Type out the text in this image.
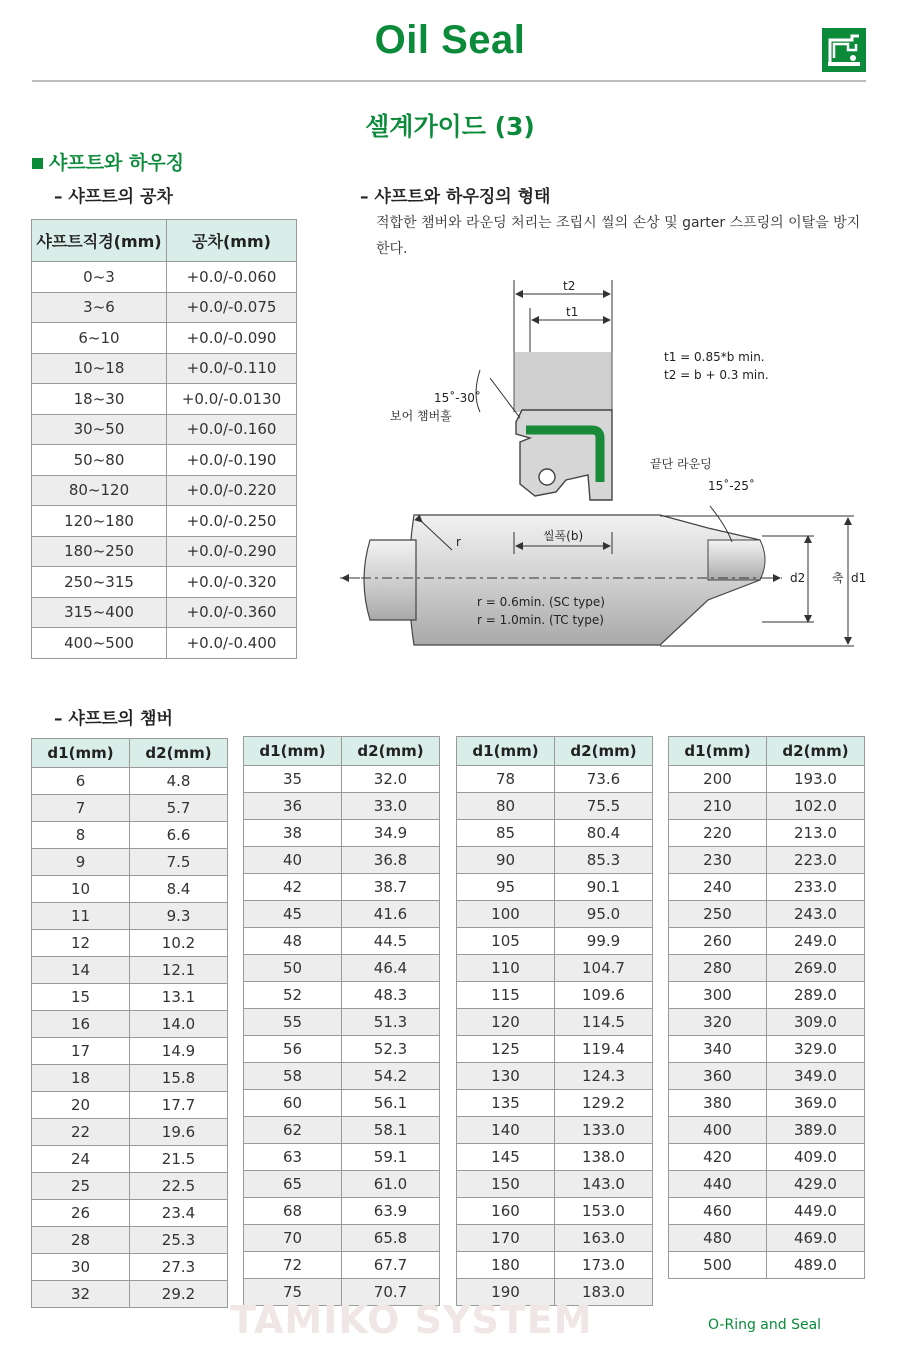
Oil Seal
셀계가이드 (3)
샤프트와 하우징
– 샤프트의 공차	– 샤프트와 하우징의 형태
적합한 챔버와 라운딩 처리는 조립시 씰의 손상 및 garter 스프링의 이탈을 방지한다.
샤프트직경(mm)	공차(mm)
0~3	+0.0/-0.060
3~6	+0.0/-0.075
6~10	+0.0/-0.090
10~18	+0.0/-0.110
18~30	+0.0/-0.0130
30~50	+0.0/-0.160
50~80	+0.0/-0.190
80~120	+0.0/-0.220
120~180	+0.0/-0.250
180~250	+0.0/-0.290
250~315	+0.0/-0.320
315~400	+0.0/-0.360
400~500	+0.0/-0.400
t2
t1
t1 = 0.85*b min.
t2 = b + 0.3 min.
15˚-30˚
보어 챔버홀
r	씰폭(b)
r = 0.6min. (SC type)
r = 1.0min. (TC type)
끝단 라운딩
15˚-25˚
d2 축 d1
– 샤프트의 챔버
d1(mm)	d2(mm)
6	4.8
7	5.7
8	6.6
9	7.5
10	8.4
11	9.3
12	10.2
14	12.1
15	13.1
16	14.0
17	14.9
18	15.8
20	17.7
22	19.6
24	21.5
25	22.5
26	23.4
28	25.3
30	27.3
32	29.2
d1(mm)	d2(mm)
35	32.0
36	33.0
38	34.9
40	36.8
42	38.7
45	41.6
48	44.5
50	46.4
52	48.3
55	51.3
56	52.3
58	54.2
60	56.1
62	58.1
63	59.1
65	61.0
68	63.9
70	65.8
72	67.7
75	70.7
d1(mm)	d2(mm)
78	73.6
80	75.5
85	80.4
90	85.3
95	90.1
100	95.0
105	99.9
110	104.7
115	109.6
120	114.5
125	119.4
130	124.3
135	129.2
140	133.0
145	138.0
150	143.0
160	153.0
170	163.0
180	173.0
190	183.0
d1(mm)	d2(mm)
200	193.0
210	102.0
220	213.0
230	223.0
240	233.0
250	243.0
260	249.0
280	269.0
300	289.0
320	309.0
340	329.0
360	349.0
380	369.0
400	389.0
420	409.0
440	429.0
460	449.0
480	469.0
500	489.0
TAMIKO SYSTEM	O-Ring and Seal
